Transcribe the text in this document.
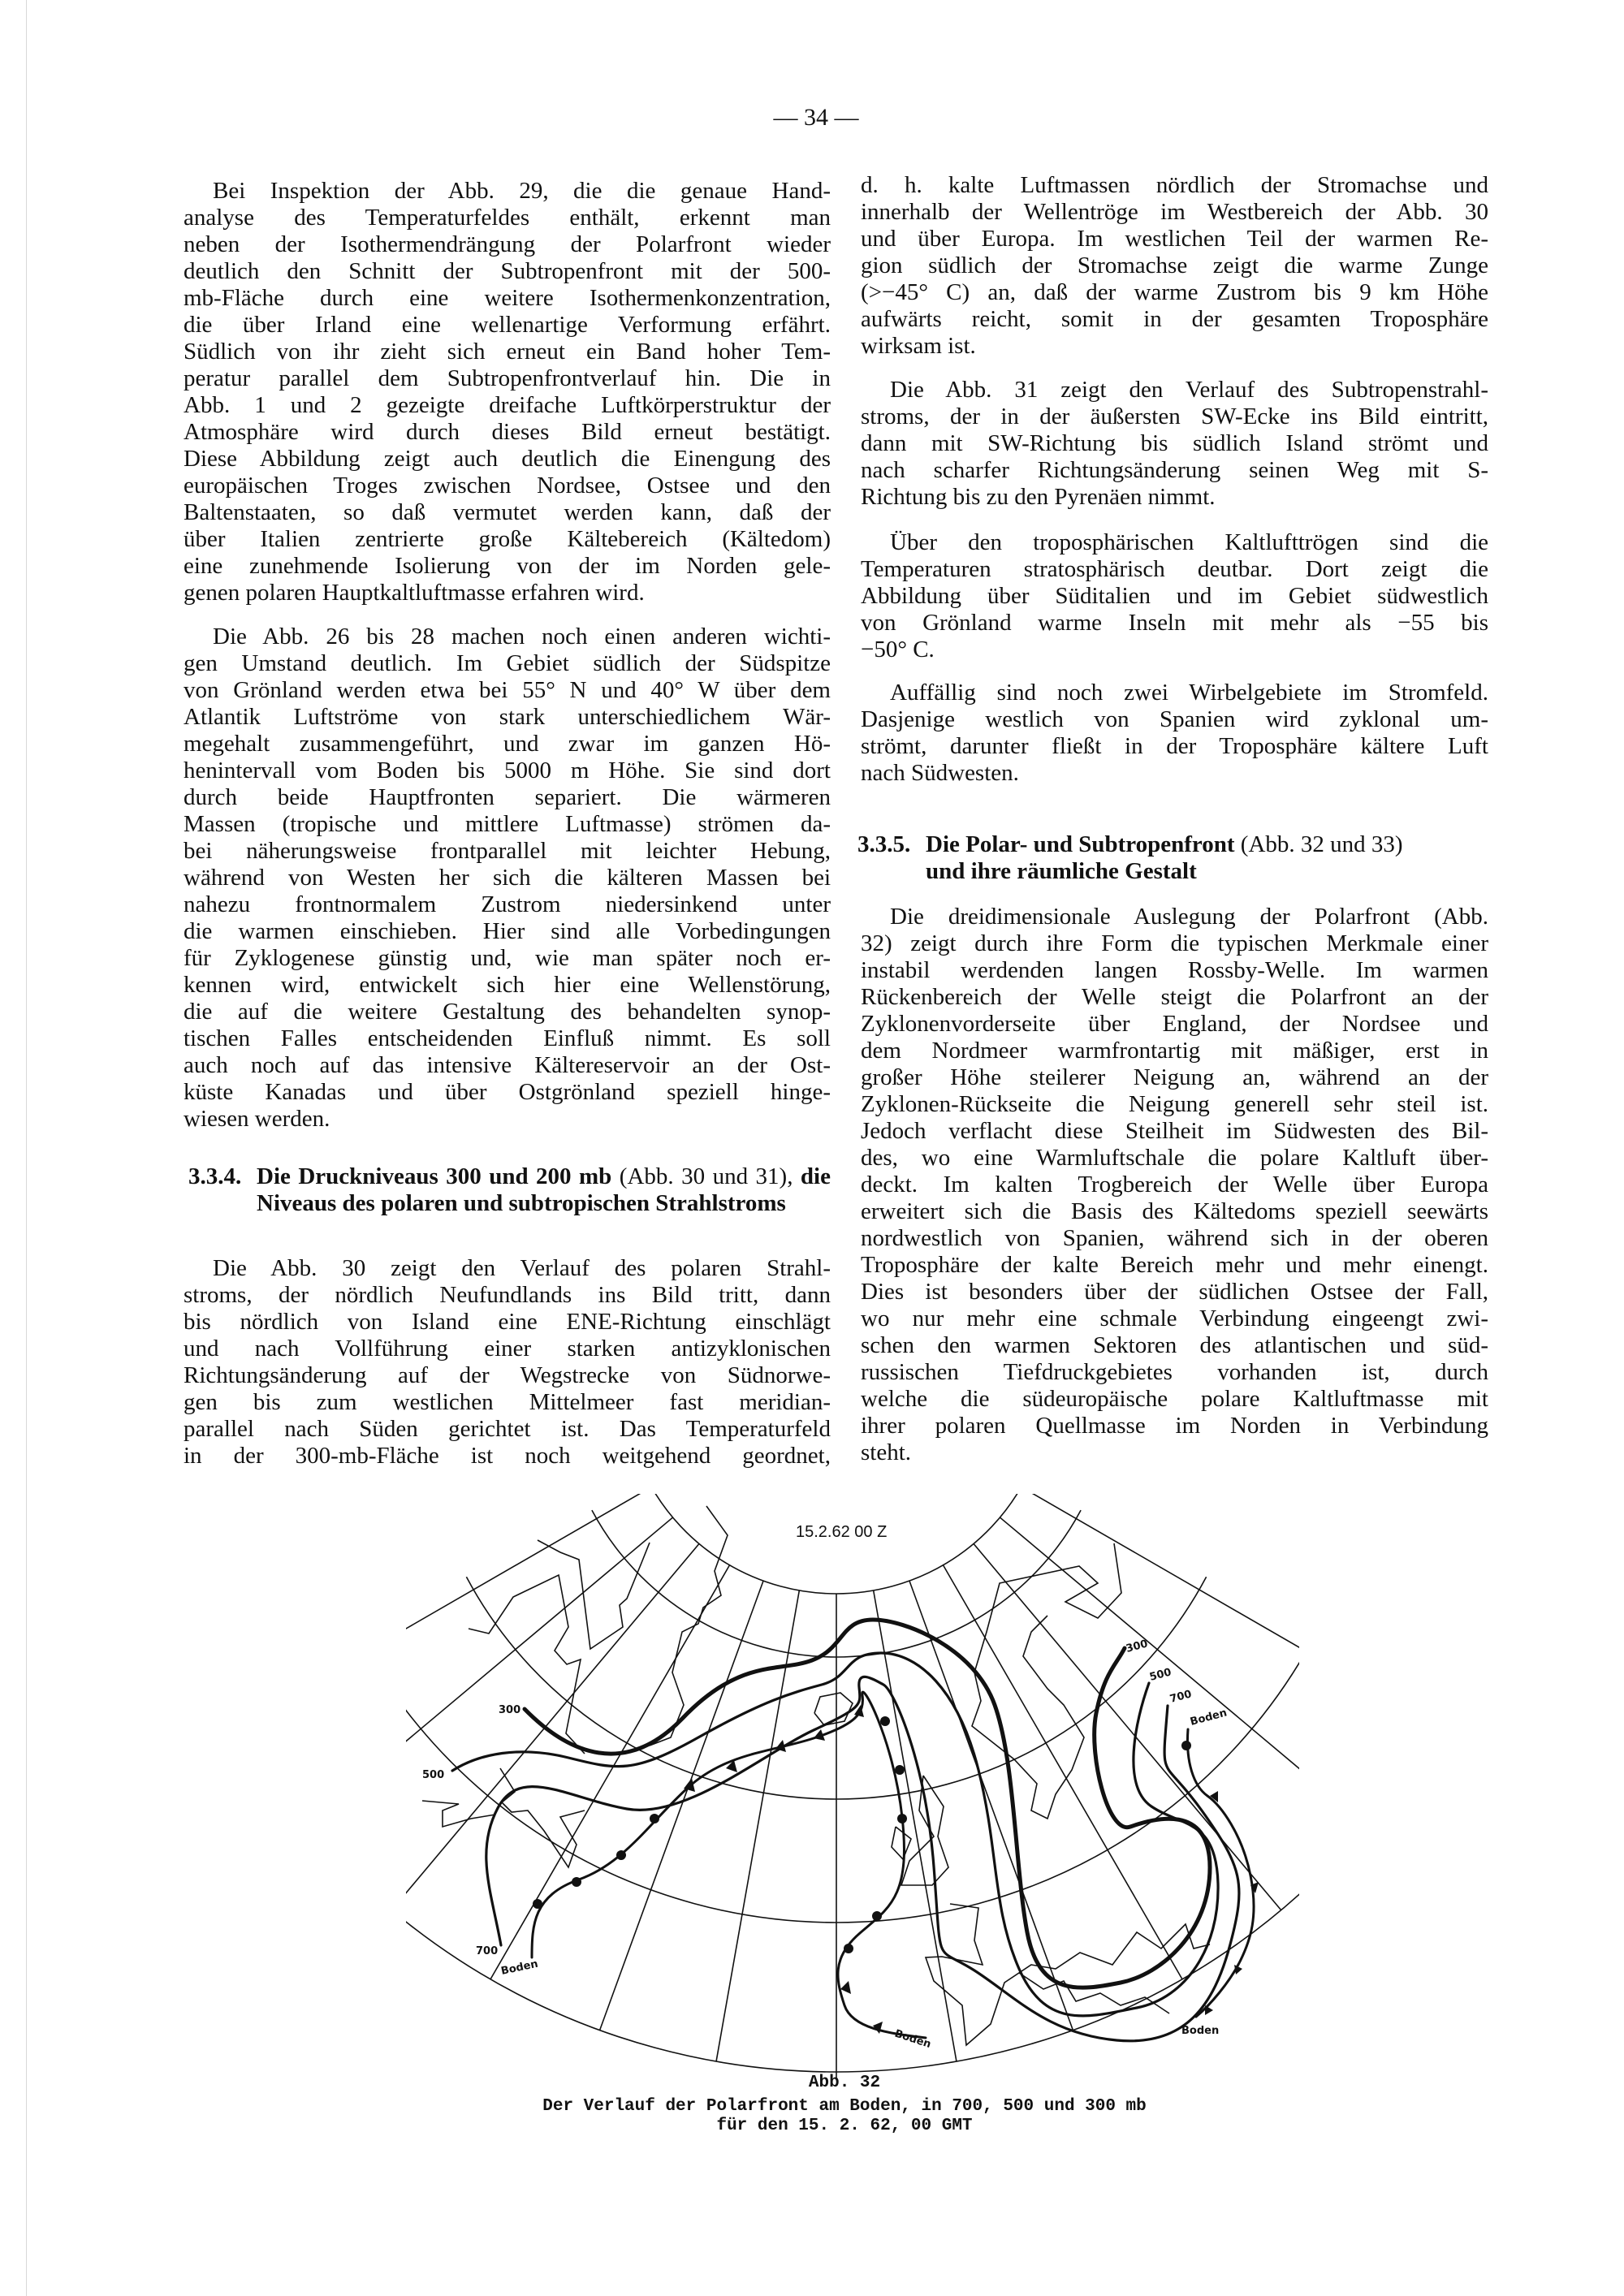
— 34 —
Bei Inspektion der Abb. 29, die die genaue Hand-
analyse des Temperaturfeldes enthält, erkennt man
neben der Isothermendrängung der Polarfront wieder
deutlich den Schnitt der Subtropenfront mit der 500-
mb-Fläche durch eine weitere Isothermenkonzentration,
die über Irland eine wellenartige Verformung erfährt.
Südlich von ihr zieht sich erneut ein Band hoher Tem-
peratur parallel dem Subtropenfrontverlauf hin. Die in
Abb. 1 und 2 gezeigte dreifache Luftkörperstruktur der
Atmosphäre wird durch dieses Bild erneut bestätigt.
Diese Abbildung zeigt auch deutlich die Einengung des
europäischen Troges zwischen Nordsee, Ostsee und den
Baltenstaaten, so daß vermutet werden kann, daß der
über Italien zentrierte große Kältebereich (Kältedom)
eine zunehmende Isolierung von der im Norden gele-
genen polaren Hauptkaltluftmasse erfahren wird.
Die Abb. 26 bis 28 machen noch einen anderen wichti-
gen Umstand deutlich. Im Gebiet südlich der Südspitze
von Grönland werden etwa bei 55° N und 40° W über dem
Atlantik Luftströme von stark unterschiedlichem Wär-
megehalt zusammengeführt, und zwar im ganzen Hö-
henintervall vom Boden bis 5000 m Höhe. Sie sind dort
durch beide Hauptfronten separiert. Die wärmeren
Massen (tropische und mittlere Luftmasse) strömen da-
bei näherungsweise frontparallel mit leichter Hebung,
während von Westen her sich die kälteren Massen bei
nahezu frontnormalem Zustrom niedersinkend unter
die warmen einschieben. Hier sind alle Vorbedingungen
für Zyklogenese günstig und, wie man später noch er-
kennen wird, entwickelt sich hier eine Wellenstörung,
die auf die weitere Gestaltung des behandelten synop-
tischen Falles entscheidenden Einfluß nimmt. Es soll
auch noch auf das intensive Kältereservoir an der Ost-
küste Kanadas und über Ostgrönland speziell hinge-
wiesen werden.
3.3.4. Die Druckniveaus 300 und 200 mb (Abb. 30 und 31), die Niveaus des polaren und subtropischen Strahlstroms
Die Abb. 30 zeigt den Verlauf des polaren Strahl-
stroms, der nördlich Neufundlands ins Bild tritt, dann
bis nördlich von Island eine ENE-Richtung einschlägt
und nach Vollführung einer starken antizyklonischen
Richtungsänderung auf der Wegstrecke von Südnorwe-
gen bis zum westlichen Mittelmeer fast meridian-
parallel nach Süden gerichtet ist. Das Temperaturfeld
in der 300-mb-Fläche ist noch weitgehend geordnet,
d. h. kalte Luftmassen nördlich der Stromachse und
innerhalb der Wellentröge im Westbereich der Abb. 30
und über Europa. Im westlichen Teil der warmen Re-
gion südlich der Stromachse zeigt die warme Zunge
(>−45° C) an, daß der warme Zustrom bis 9 km Höhe
aufwärts reicht, somit in der gesamten Troposphäre
wirksam ist.
Die Abb. 31 zeigt den Verlauf des Subtropenstrahl-
stroms, der in der äußersten SW-Ecke ins Bild eintritt,
dann mit SW-Richtung bis südlich Island strömt und
nach scharfer Richtungsänderung seinen Weg mit S-
Richtung bis zu den Pyrenäen nimmt.
Über den troposphärischen Kaltlufttrögen sind die
Temperaturen stratosphärisch deutbar. Dort zeigt die
Abbildung über Süditalien und im Gebiet südwestlich
von Grönland warme Inseln mit mehr als −55 bis
−50° C.
Auffällig sind noch zwei Wirbelgebiete im Stromfeld.
Dasjenige westlich von Spanien wird zyklonal um-
strömt, darunter fließt in der Troposphäre kältere Luft
nach Südwesten.
3.3.5. Die Polar- und Subtropenfront (Abb. 32 und 33)
und ihre räumliche Gestalt
Die dreidimensionale Auslegung der Polarfront (Abb.
32) zeigt durch ihre Form die typischen Merkmale einer
instabil werdenden langen Rossby-Welle. Im warmen
Rückenbereich der Welle steigt die Polarfront an der
Zyklonenvorderseite über England, der Nordsee und
dem Nordmeer warmfrontartig mit mäßiger, erst in
großer Höhe steilerer Neigung an, während an der
Zyklonen-Rückseite die Neigung generell sehr steil ist.
Jedoch verflacht diese Steilheit im Südwesten des Bil-
des, wo eine Warmluftschale die polare Kaltluft über-
deckt. Im kalten Trogbereich der Welle über Europa
erweitert sich die Basis des Kältedoms speziell seewärts
nordwestlich von Spanien, während sich in der oberen
Troposphäre der kalte Bereich mehr und mehr einengt.
Dies ist besonders über der südlichen Ostsee der Fall,
wo nur mehr eine schmale Verbindung eingeengt zwi-
schen den warmen Sektoren des atlantischen und süd-
russischen Tiefdruckgebietes vorhanden ist, durch
welche die südeuropäische polare Kaltluftmasse mit
ihrer polaren Quellmasse im Norden in Verbindung
steht.
15.2.62 00 Z
300
500
700
Boden
300
500
700
Boden
Boden	Boden
Abb. 32
Der Verlauf der Polarfront am Boden, in 700, 500 und 300 mb
für den 15. 2. 62, 00 GMT
